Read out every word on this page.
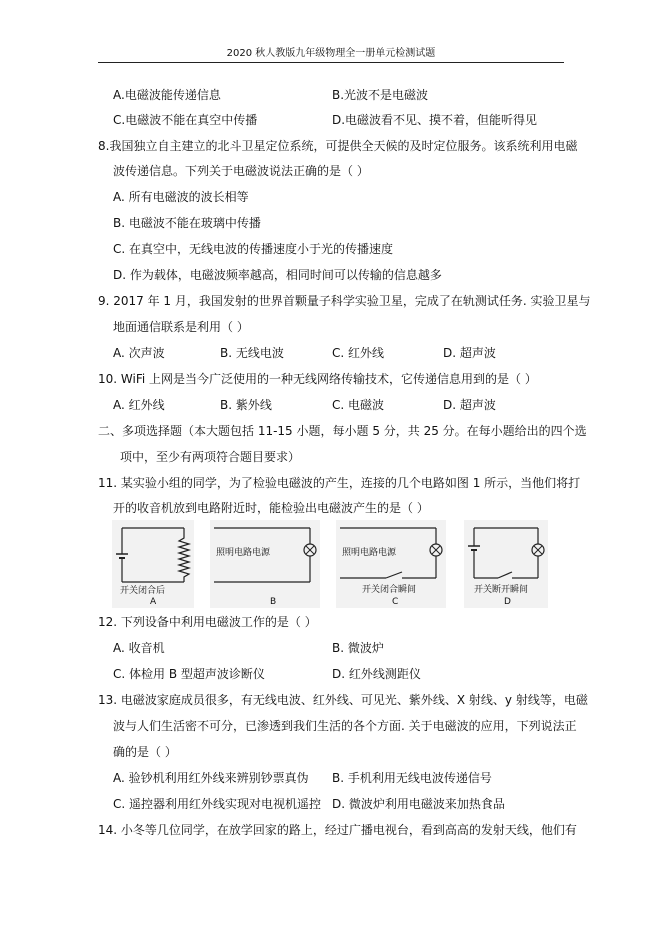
2020 秋人教版九年级物理全一册单元检测试题
A.电磁波能传递信息	B.光波不是电磁波
C.电磁波不能在真空中传播	D.电磁波看不见、摸不着，但能听得见
8.我国独立自主建立的北斗卫星定位系统，可提供全天候的及时定位服务。该系统利用电磁
波传递信息。下列关于电磁波说法正确的是（ ）
A. 所有电磁波的波长相等
B. 电磁波不能在玻璃中传播
C. 在真空中，无线电波的传播速度小于光的传播速度
D. 作为载体，电磁波频率越高，相同时间可以传输的信息越多
9. 2017 年 1 月，我国发射的世界首颗量子科学实验卫星，完成了在轨测试任务. 实验卫星与
地面通信联系是利用（ ）
A. 次声波	B. 无线电波	C. 红外线	D. 超声波
10. WiFi 上网是当今广泛使用的一种无线网络传输技术，它传递信息用到的是（ ）
A. 红外线	B. 紫外线	C. 电磁波	D. 超声波
二、多项选择题（本大题包括 11-15 小题，每小题 5 分，共 25 分。在每小题给出的四个选
项中，至少有两项符合题目要求）
11. 某实验小组的同学，为了检验电磁波的产生，连接的几个电路如图 1 所示，当他们将打
开的收音机放到电路附近时，能检验出电磁波产生的是（ ）
开关闭合后
A
照明电路电源
B
照明电路电源
开关闭合瞬间
C
开关断开瞬间
D
12. 下列设备中利用电磁波工作的是（ ）
A. 收音机	B. 微波炉
C. 体检用 B 型超声波诊断仪	D. 红外线测距仪
13. 电磁波家庭成员很多，有无线电波、红外线、可见光、紫外线、X 射线、y 射线等，电磁
波与人们生活密不可分，已渗透到我们生活的各个方面. 关于电磁波的应用，下列说法正
确的是（ ）
A. 验钞机利用红外线来辨别钞票真伪 B. 手机利用无线电波传递信号
C. 遥控器利用红外线实现对电视机遥控 D. 微波炉利用电磁波来加热食品
14. 小冬等几位同学，在放学回家的路上，经过广播电视台，看到高高的发射天线，他们有
